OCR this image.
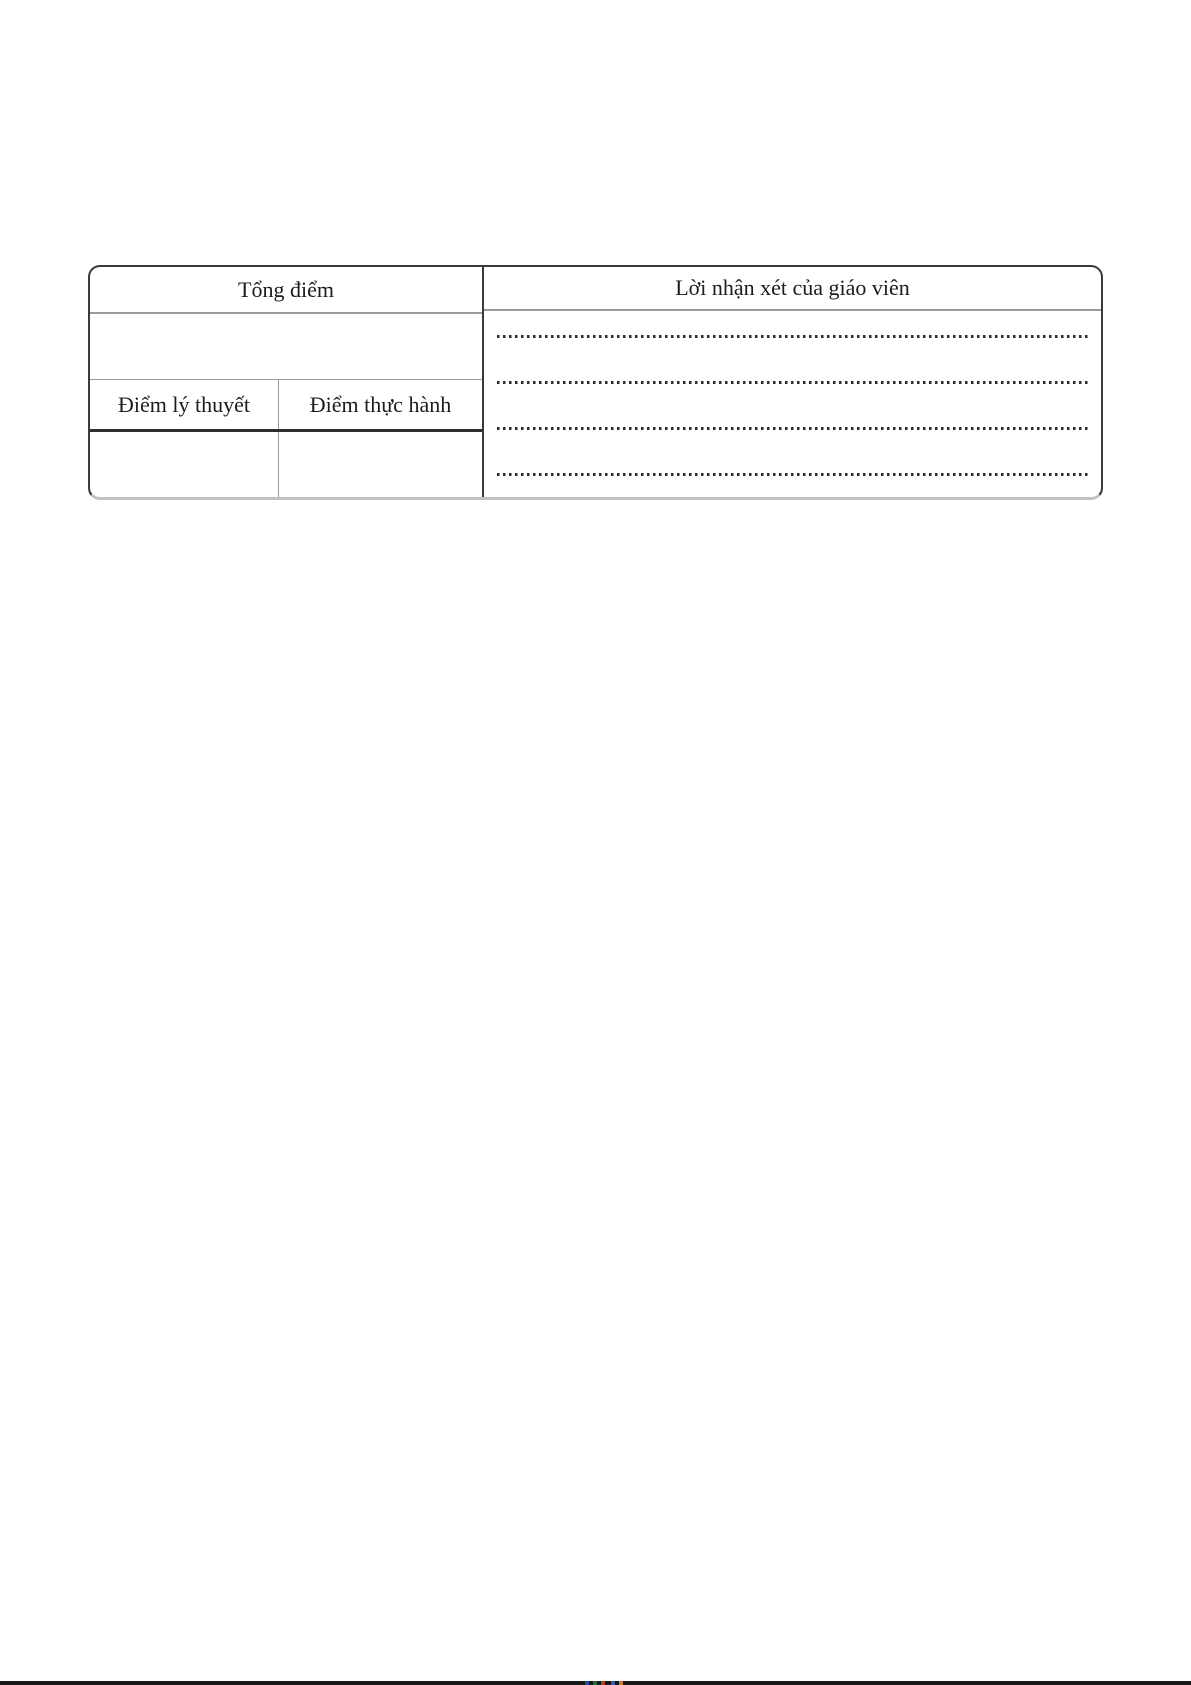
Tổng điểm
Điểm lý thuyết	Điểm thực hành
Lời nhận xét của giáo viên
